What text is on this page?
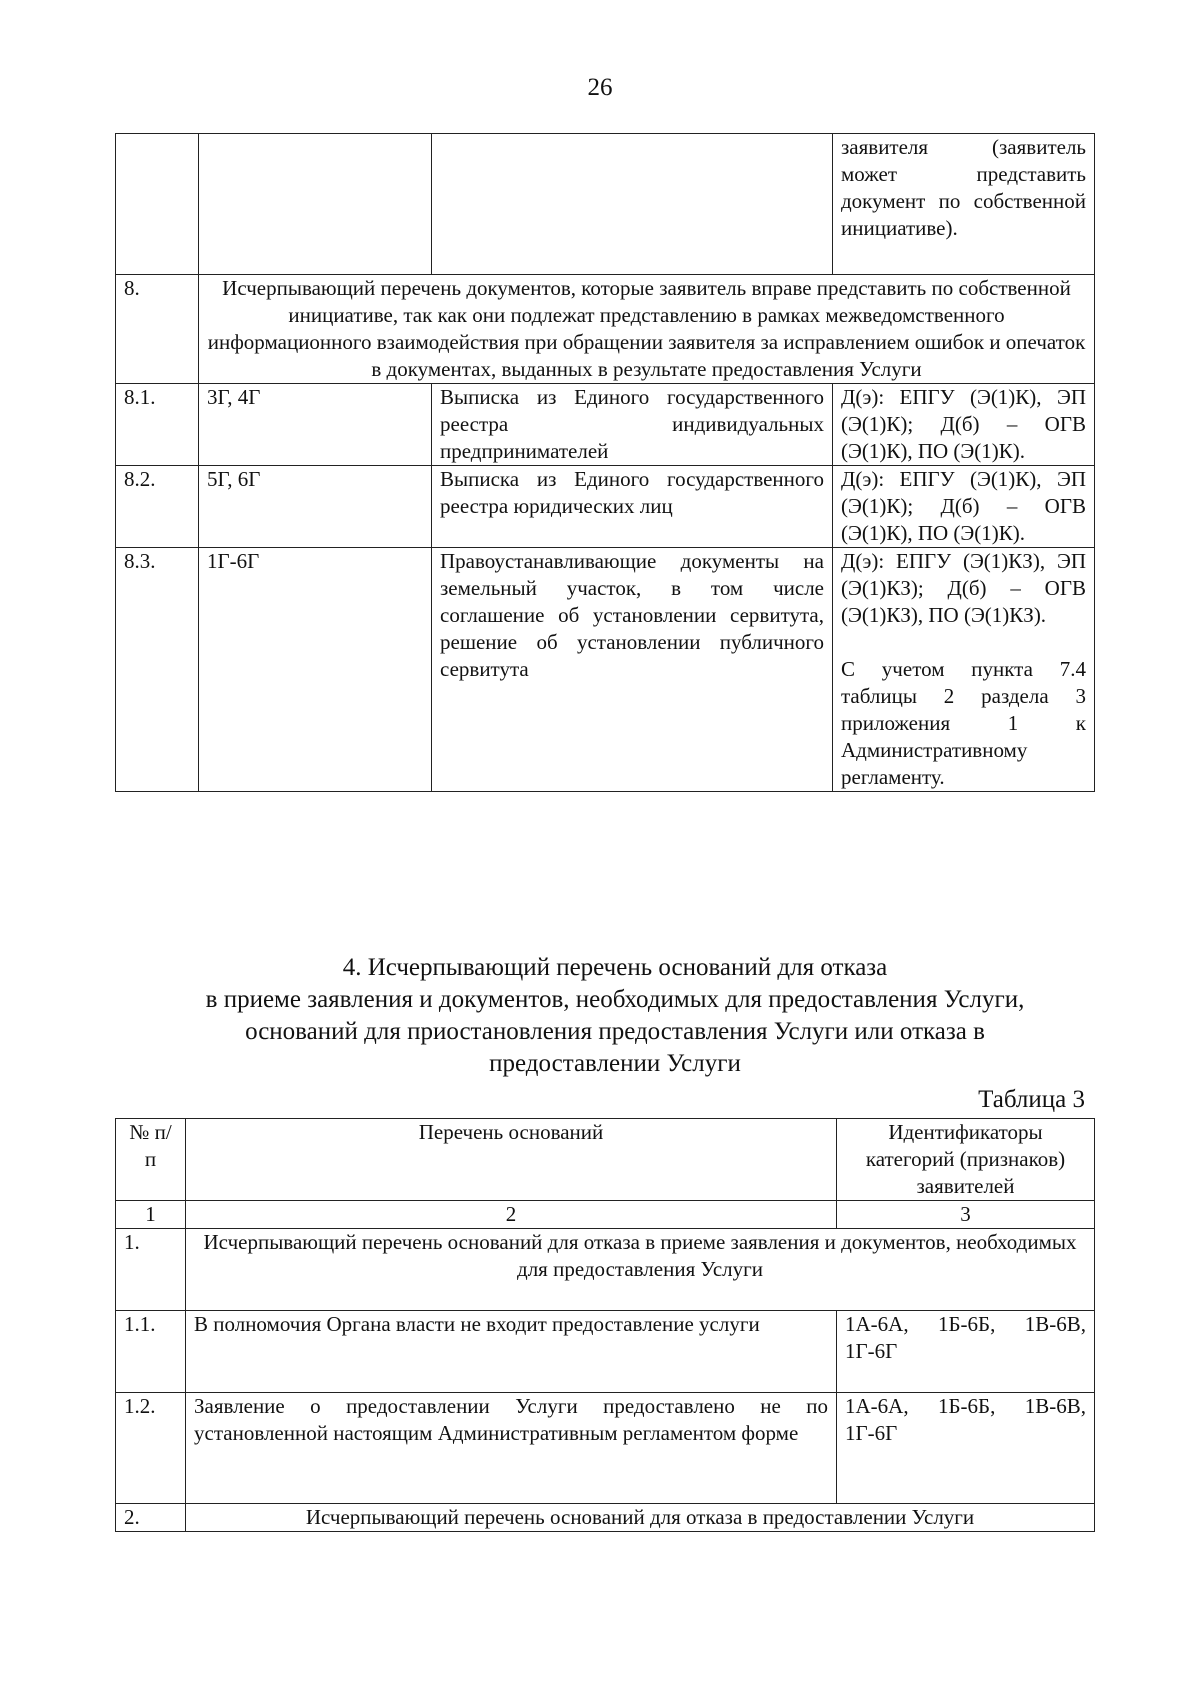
26
			заявителя (заявитель может представить документ по собственной инициативе).
8.	Исчерпывающий перечень документов, которые заявитель вправе представить по собственной инициативе, так как они подлежат представлению в рамках межведомственного информационного взаимодействия при обращении заявителя за исправлением ошибок и опечаток в документах, выданных в результате предоставления Услуги		
8.1.	3Г, 4Г	Выписка из Единого государственного реестра индивидуальных предпринимателей	Д(э): ЕПГУ (Э(1)К), ЭП (Э(1)К); Д(б) – ОГВ (Э(1)К), ПО (Э(1)К).
8.2.	5Г, 6Г	Выписка из Единого государственного реестра юридических лиц	Д(э): ЕПГУ (Э(1)К), ЭП (Э(1)К); Д(б) – ОГВ (Э(1)К), ПО (Э(1)К).
8.3.	1Г-6Г	Правоустанавливающие документы на земельный участок, в том числе соглашение об установлении сервитута, решение об установлении публичного сервитута	Д(э): ЕПГУ (Э(1)КЗ), ЭП (Э(1)КЗ); Д(б) – ОГВ (Э(1)КЗ), ПО (Э(1)КЗ).
С учетом пункта 7.4 таблицы 2 раздела 3 приложения 1 к Административному регламенту.
4. Исчерпывающий перечень оснований для отказа
в приеме заявления и документов, необходимых для предоставления Услуги,
оснований для приостановления предоставления Услуги или отказа в
предоставлении Услуги
Таблица 3
№ п/п	Перечень оснований	Идентификаторы категорий (признаков) заявителей
1	2	3
1.	Исчерпывающий перечень оснований для отказа в приеме заявления и документов, необходимых для предоставления Услуги	
1.1.	В полномочия Органа власти не входит предоставление услуги	1А-6А, 1Б-6Б, 1В-6В, 1Г-6Г
1.2.	Заявление о предоставлении Услуги предоставлено не по установленной настоящим Административным регламентом форме	1А-6А, 1Б-6Б, 1В-6В, 1Г-6Г
2.	Исчерпывающий перечень оснований для отказа в предоставлении Услуги	
